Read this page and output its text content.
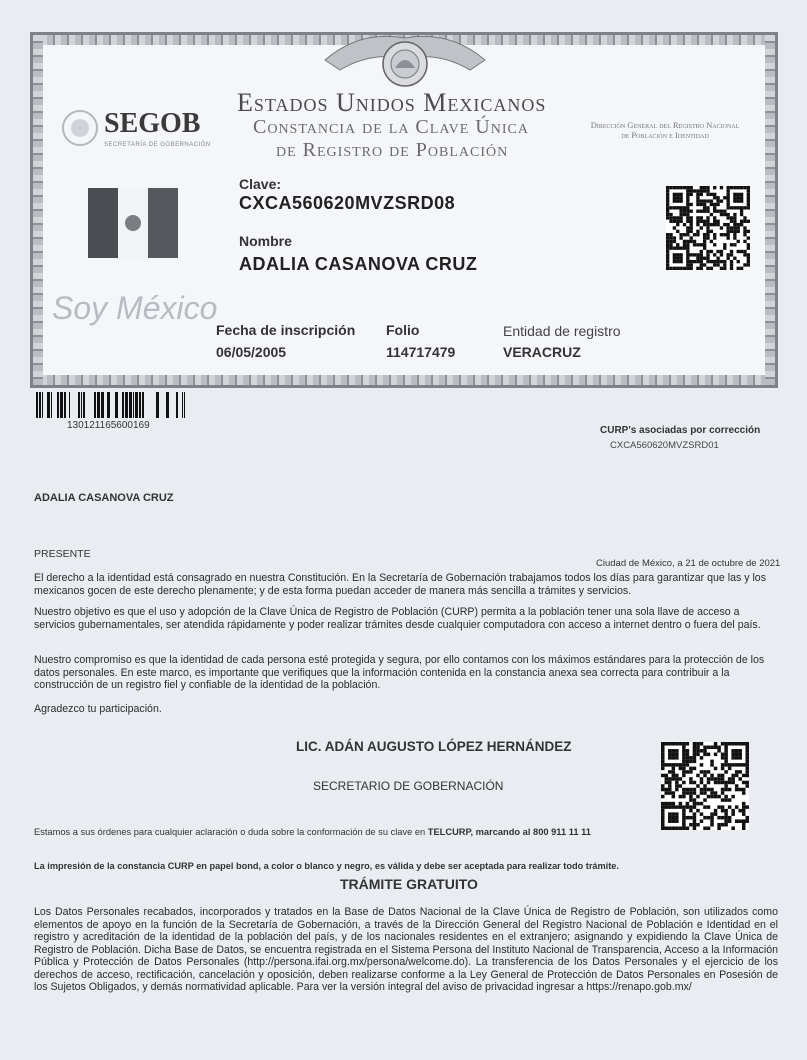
SEGOB
SECRETARÍA DE GOBERNACIÓN
Estados Unidos Mexicanos
Constancia de la Clave Única
de Registro de Población
Dirección General del Registro Nacional de Población e Identidad
Clave:
CXCA560620MVZSRD08
Nombre
ADALIA CASANOVA CRUZ
Soy México
Fecha de inscripción
06/05/2005
Folio
114717479
Entidad de registro
VERACRUZ
130121165600169	CURP's asociadas por corrección
CXCA560620MVZSRD01
ADALIA CASANOVA CRUZ
PRESENTE
Ciudad de México, a 21 de octubre de 2021
El derecho a la identidad está consagrado en nuestra Constitución. En la Secretaría de Gobernación trabajamos todos los días para garantizar que las y los mexicanos gocen de este derecho plenamente; y de esta forma puedan acceder de manera más sencilla a trámites y servicios.
Nuestro objetivo es que el uso y adopción de la Clave Única de Registro de Población (CURP) permita a la población tener una sola llave de acceso a servicios gubernamentales, ser atendida rápidamente y poder realizar trámites desde cualquier computadora con acceso a internet dentro o fuera del país.
Nuestro compromiso es que la identidad de cada persona esté protegida y segura, por ello contamos con los máximos estándares para la protección de los datos personales. En este marco, es importante que verifiques que la información contenida en la constancia anexa sea correcta para contribuir a la construcción de un registro fiel y confiable de la identidad de la población.
Agradezco tu participación.
LIC. ADÁN AUGUSTO LÓPEZ HERNÁNDEZ
SECRETARIO DE GOBERNACIÓN
Estamos a sus órdenes para cualquier aclaración o duda sobre la conformación de su clave en TELCURP, marcando al 800 911 11 11
La impresión de la constancia CURP en papel bond, a color o blanco y negro, es válida y debe ser aceptada para realizar todo trámite.
TRÁMITE GRATUITO
Los Datos Personales recabados, incorporados y tratados en la Base de Datos Nacional de la Clave Única de Registro de Población, son utilizados como elementos de apoyo en la función de la Secretaría de Gobernación, a través de la Dirección General del Registro Nacional de Población e Identidad en el registro y acreditación de la identidad de la población del país, y de los nacionales residentes en el extranjero; asignando y expidiendo la Clave Única de Registro de Población. Dicha Base de Datos, se encuentra registrada en el Sistema Persona del Instituto Nacional de Transparencia, Acceso a la Información Pública y Protección de Datos Personales (http://persona.ifai.org.mx/persona/welcome.do). La transferencia de los Datos Personales y el ejercicio de los derechos de acceso, rectificación, cancelación y oposición, deben realizarse conforme a la Ley General de Protección de Datos Personales en Posesión de los Sujetos Obligados, y demás normatividad aplicable. Para ver la versión integral del aviso de privacidad ingresar a https://renapo.gob.mx/
